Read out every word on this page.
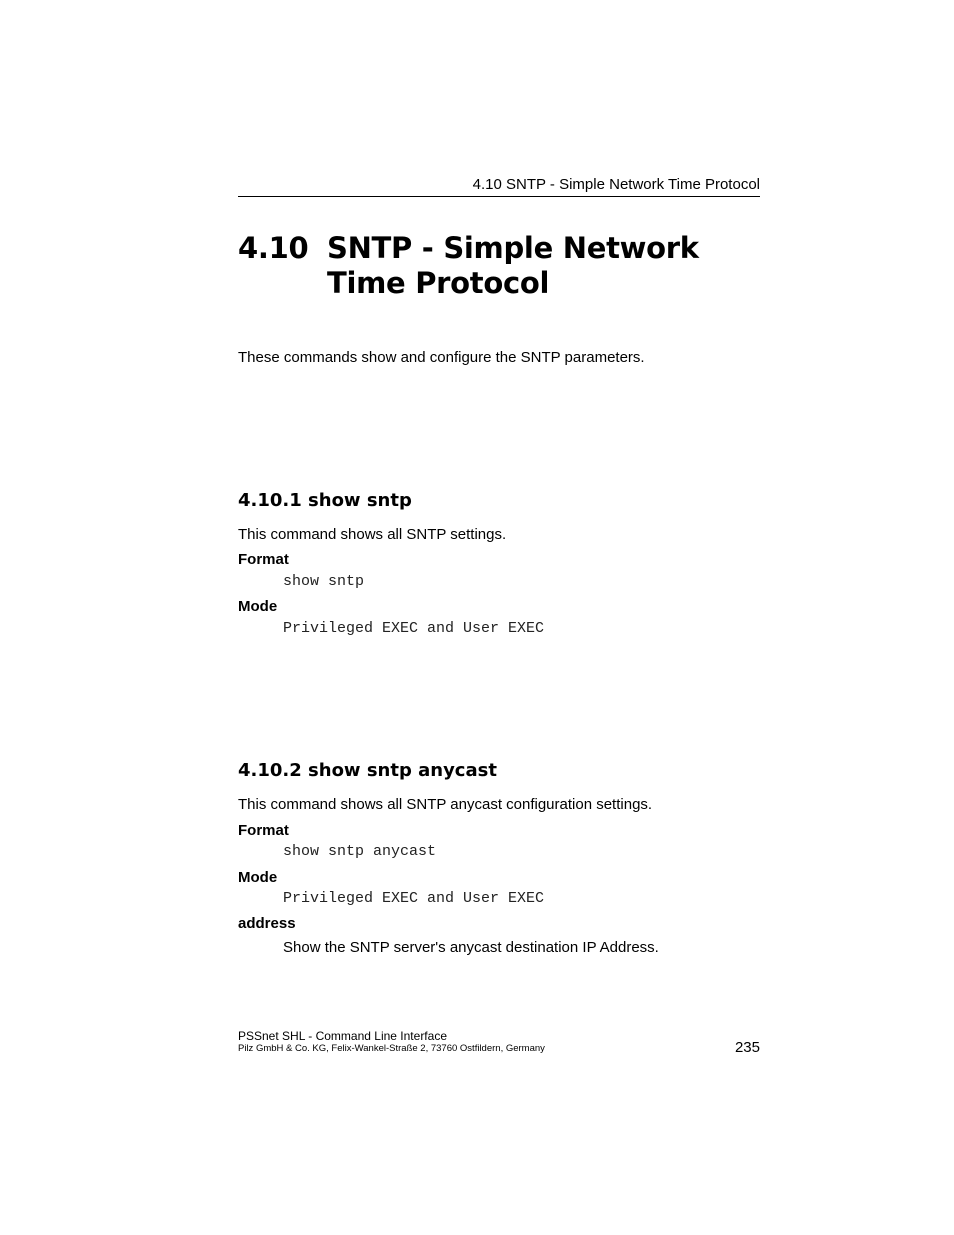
4.10 SNTP - Simple Network Time Protocol
4.10 SNTP - Simple Network
Time Protocol
These commands show and configure the SNTP parameters.
4.10.1 show sntp
This command shows all SNTP settings.
Format
show sntp
Mode
Privileged EXEC and User EXEC
4.10.2 show sntp anycast
This command shows all SNTP anycast configuration settings.
Format
show sntp anycast
Mode
Privileged EXEC and User EXEC
address
Show the SNTP server's anycast destination IP Address.
PSSnet SHL - Command Line Interface
Pilz GmbH & Co. KG, Felix-Wankel-Straße 2, 73760 Ostfildern, Germany	235
